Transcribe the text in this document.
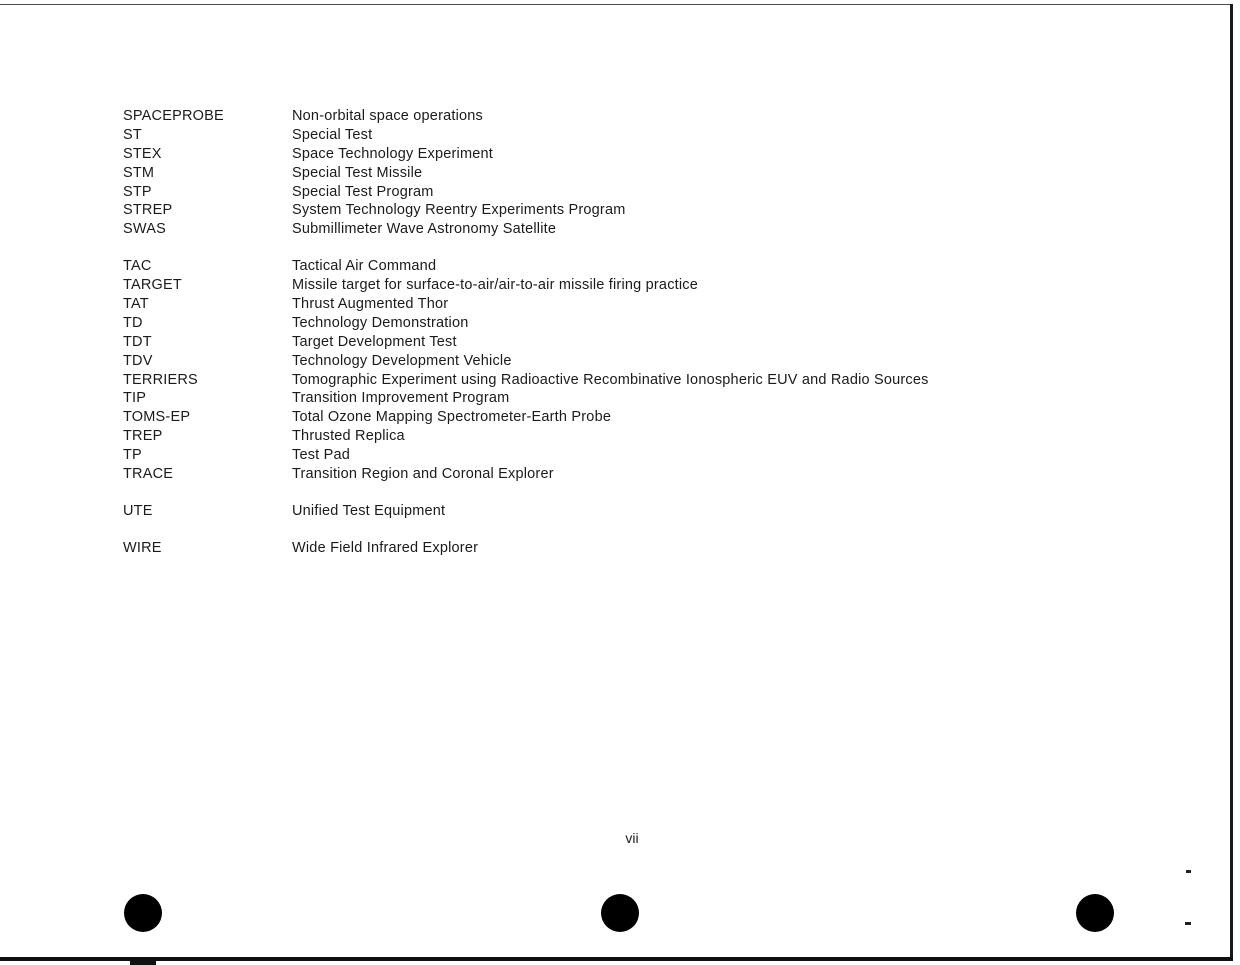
SPACEPROBE	Non-orbital space operations
ST	Special Test
STEX	Space Technology Experiment
STM	Special Test Missile
STP	Special Test Program
STREP	System Technology Reentry Experiments Program
SWAS	Submillimeter Wave Astronomy Satellite
TAC	Tactical Air Command
TARGET	Missile target for surface-to-air/air-to-air missile firing practice
TAT	Thrust Augmented Thor
TD	Technology Demonstration
TDT	Target Development Test
TDV	Technology Development Vehicle
TERRIERS	Tomographic Experiment using Radioactive Recombinative Ionospheric EUV and Radio Sources
TIP	Transition Improvement Program
TOMS-EP	Total Ozone Mapping Spectrometer-Earth Probe
TREP	Thrusted Replica
TP	Test Pad
TRACE	Transition Region and Coronal Explorer
UTE	Unified Test Equipment
WIRE	Wide Field Infrared Explorer
vii
